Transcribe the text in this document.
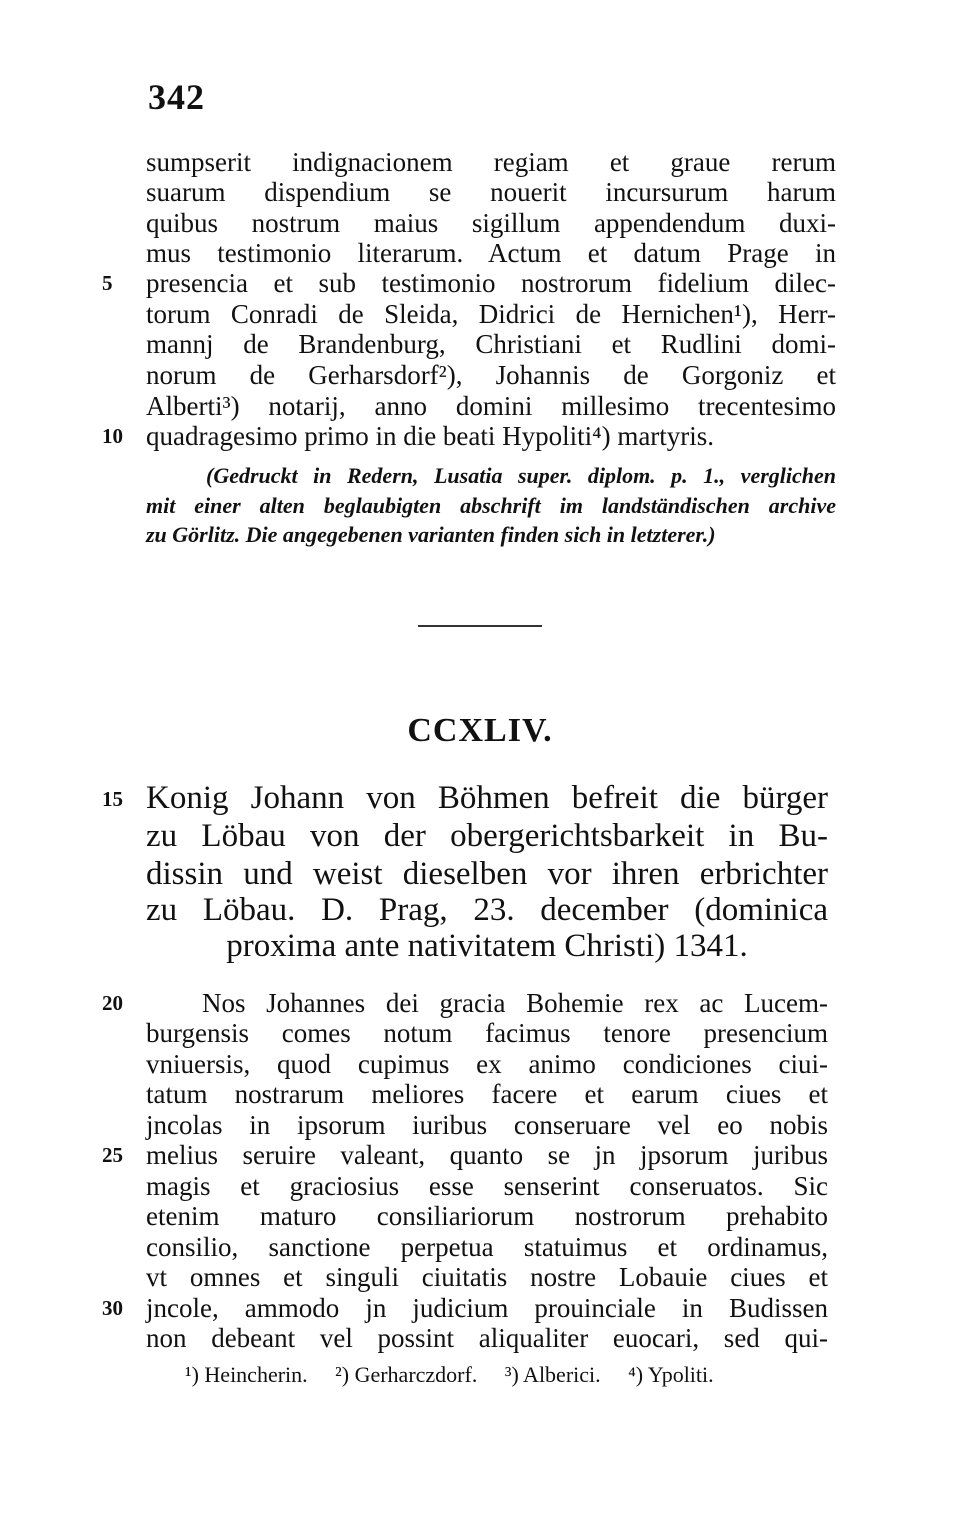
342
sumpserit indignacionem regiam et graue rerum
suarum dispendium se nouerit incursurum harum
quibus nostrum maius sigillum appendendum duxi-
mus testimonio literarum. Actum et datum Prage in
presencia et sub testimonio nostrorum fidelium dilec-
torum Conradi de Sleida, Didrici de Hernichen¹), Herr-
mannj de Brandenburg, Christiani et Rudlini domi-
norum de Gerharsdorf²), Johannis de Gorgoniz et
Alberti³) notarij, anno domini millesimo trecentesimo
quadragesimo primo in die beati Hypoliti⁴) martyris.
5
10
(Gedruckt in Redern, Lusatia super. diplom. p. 1., verglichen
mit einer alten beglaubigten abschrift im landständischen archive
zu Görlitz. Die angegebenen varianten finden sich in letzterer.)
CCXLIV.
Konig Johann von Böhmen befreit die bürger
zu Löbau von der obergerichtsbarkeit in Bu-
dissin und weist dieselben vor ihren erbrichter
zu Löbau. D. Prag, 23. december (dominica
proxima ante nativitatem Christi) 1341.
15
Nos Johannes dei gracia Bohemie rex ac Lucem-
burgensis comes notum facimus tenore presencium
vniuersis, quod cupimus ex animo condiciones ciui-
tatum nostrarum meliores facere et earum ciues et
jncolas in ipsorum iuribus conseruare vel eo nobis
melius seruire valeant, quanto se jn jpsorum juribus
magis et graciosius esse senserint conseruatos. Sic
etenim maturo consiliariorum nostrorum prehabito
consilio, sanctione perpetua statuimus et ordinamus,
vt omnes et singuli ciuitatis nostre Lobauie ciues et
jncole, ammodo jn judicium prouinciale in Budissen
non debeant vel possint aliqualiter euocari, sed qui-
20
25
30
¹) Heincherin. ²) Gerharczdorf. ³) Alberici. ⁴) Ypoliti.
